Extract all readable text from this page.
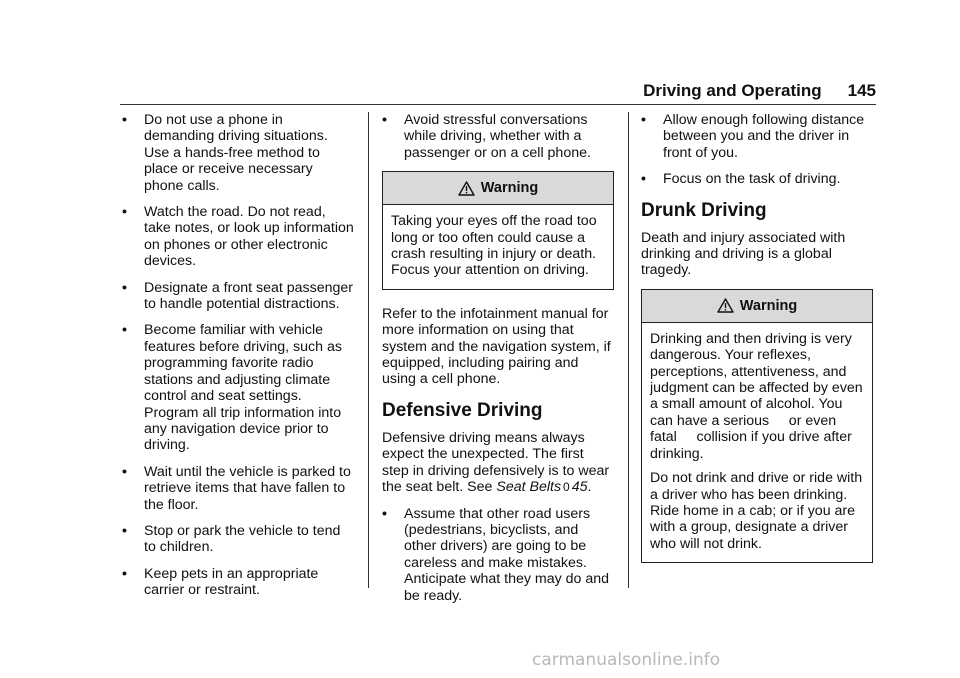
Driving and Operating 145
•	Do not use a phone in demanding driving situations. Use a hands-free method to place or receive necessary phone calls.
•	Watch the road. Do not read, take notes, or look up information on phones or other electronic devices.
•	Designate a front seat passenger to handle potential distractions.
•	Become familiar with vehicle features before driving, such as programming favorite radio stations and adjusting climate control and seat settings. Program all trip information into any navigation device prior to driving.
•	Wait until the vehicle is parked to retrieve items that have fallen to the floor.
•	Stop or park the vehicle to tend to children.
•	Keep pets in an appropriate carrier or restraint.
•	Avoid stressful conversations while driving, whether with a passenger or on a cell phone.
Warning

Taking your eyes off the road too long or too often could cause a crash resulting in injury or death. Focus your attention on driving.

Refer to the infotainment manual for more information on using that system and the navigation system, if equipped, including pairing and using a cell phone.

Defensive Driving

Defensive driving means always expect the unexpected. The first step in driving defensively is to wear the seat belt. See Seat Belts 0 45.

•	Assume that other road users (pedestrians, bicyclists, and other drivers) are going to be careless and make mistakes. Anticipate what they may do and be ready.
•	Allow enough following distance between you and the driver in front of you.
•	Focus on the task of driving.
Drunk Driving

Death and injury associated with drinking and driving is a global tragedy.

Warning

Drinking and then driving is very dangerous. Your reflexes, perceptions, attentiveness, and judgment can be affected by even a small amount of alcohol. You can have a serious     or even fatal     collision if you drive after drinking.

Do not drink and drive or ride with a driver who has been drinking. Ride home in a cab; or if you are with a group, designate a driver who will not drink.

carmanualsonline.info
